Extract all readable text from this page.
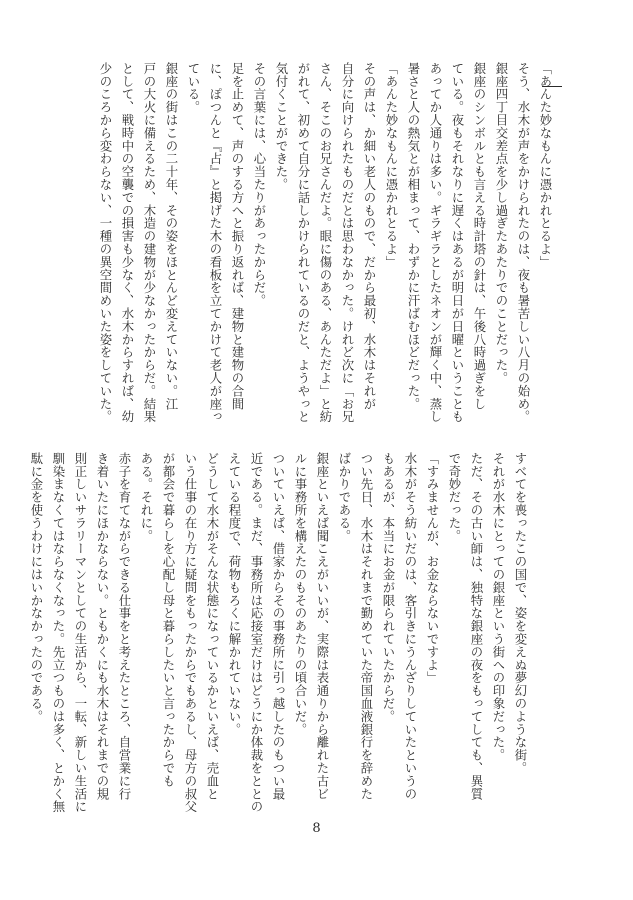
「あんた妙なもんに憑かれとるよ」
そう、水木が声をかけられたのは、夜も暑苦しい八月の始め。
銀座四丁目交差点を少し過ぎたあたりでのことだった。
銀座のシンボルとも言える時計塔の針は、午後八時過ぎをし
ている。夜もそれなりに遅くはあるが明日が日曜ということも
あってか人通りは多い。ギラギラとしたネオンが輝く中、蒸し
暑さと人の熱気とが相まって、わずかに汗ばむほどだった。
「あんた妙なもんに憑かれとるよ」
その声は、か細い老人のもので、だから最初、水木はそれが
自分に向けられたものだとは思わなかった。けれど次に「お兄
さん、そこのお兄さんだよ。眼に傷のある、あんただよ」と紡
がれて、初めて自分に話しかけられているのだと、ようやっと
気付くことができた。
その言葉には、心当たりがあったからだ。
足を止めて、声のする方へと振り返れば、建物と建物の合間
に、ぽつんと『占』と掲げた木の看板を立てかけて老人が座っ
ている。
銀座の街はこの二十年、その姿をほとんど変えていない。江
戸の大火に備えるため、木造の建物が少なかったからだ。結果
として、戦時中の空襲での損害も少なく、水木からすれば、幼
少のころから変わらない、一種の異空間めいた姿をしていた。
すべてを喪ったこの国で、姿を変えぬ夢幻のような街。
それが水木にとっての銀座という街への印象だった。
ただ、その古い師は、独特な銀座の夜をもってしても、異質
で奇妙だった。
「すみませんが、お金ならないですよ」
水木がそう紡いだのは、客引きにうんざりしていたというの
もあるが、本当にお金が限られていたからだ。
つい先日、水木はそれまで勤めていた帝国血液銀行を辞めた
ばかりである。
銀座といえば聞こえがいいが、実際は表通りから離れた古ビ
ルに事務所を構えたのもそのあたりの頃合いだ。
ついていえば、借家からその事務所に引っ越したのもつい最
近である。まだ、事務所は応接室だけはどうにか体裁をととの
えている程度で、荷物もろくに解かれていない。
どうして水木がそんな状態になっているかといえば、売血と
いう仕事の在り方に疑問をもったからでもあるし、母方の叔父
が都会で暮らしを心配し母と暮らしたいと言ったからでも
ある。それに。
赤子を育てながらできる仕事をと考えたところ、自営業に行
き着いたにほかならない。ともかくにも水木はそれまでの規
則正しいサラリーマンとしての生活から、一転、新しい生活に
馴染まなくてはならなくなった。先立つものは多く、とかく無
駄に金を使うわけにはいかなかったのである。
8
